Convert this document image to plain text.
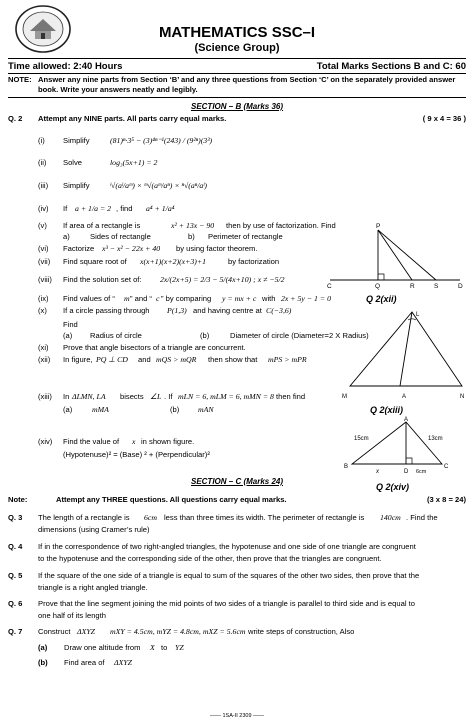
MATHEMATICS SSC–I
(Science Group)
Time allowed: 2:40 Hours	Total Marks Sections B and C: 60
NOTE: Answer any nine parts from Section ‘B’ and any three questions from Section ‘C’ on the separately provided answer book. Write your answers neatly and legibly.
SECTION – B (Marks 36)
Q. 2 Attempt any NINE parts. All parts carry equal marks.	( 9 x 4 = 36 )
(i) Simplify	(81)ⁿ·3⁵ − (3)⁴ⁿ⁻¹(243) / (9²ⁿ)(3³)
(ii) Solve	log₃(5x+1) = 2
(iii) Simplify	ˡ√(aˡ/aᵐ) × ᵐ√(aᵐ/aⁿ) × ⁿ√(aⁿ/aˡ)
(iv) If a + 1/a = 2 , find a⁴ + 1/a⁴
(v) If area of a rectangle is	x² + 13x − 90 then by use of factorization. Find
a)	Sides of rectangle	b) Perimeter of rectangle
(vi) Factorize x³ − x² − 22x + 40 by using factor theorem.
(vii) Find square root of x(x+1)(x+2)(x+3)+1	by factorization
(viii) Find the solution set of: 2x/(2x+5) = 2/3 − 5/(4x+10) ; x ≠ −5/2
(ix) Find values of “ m ” and “ c ” by comparing y = mx + c with 2x + 5y − 1 = 0
(x) If a circle passing through P(1,3) and having centre at C(−3,6)
Find
(a) Radius of circle	(b)	Diameter of circle (Diameter=2 X Radius)
(xi) Prove that angle bisectors of a triangle are concurrent.
(xii) In figure, PQ ⊥ CD and mQS > mQR then show that mPS > mPR
(xiii) In ΔLMN, LA bisects ∠L . If mLN = 6, mLM = 6, mMN = 8 then find
(a)	mMA	(b) mAN
(xiv) Find the value of x in shown figure.
(Hypotenuse)² = (Base) ² + (Perpendicular)²
P
C	Q	R	S	D
Q 2(xii)
L
M	N
A
Q 2(xiii)
A
B	C
D
15cm	13cm
x	6cm
Q 2(xiv)
SECTION – C (Marks 24)
Note:	Attempt any THREE questions. All questions carry equal marks.	(3 x 8 = 24)
Q. 3 The length of a rectangle is 6cm less than three times its width. The perimeter of rectangle is 140cm . Find the
dimensions (using Cramer’s rule)
Q. 4 If in the correspondence of two right-angled triangles, the hypotenuse and one side of one triangle are congruent
to the hypotenuse and the corresponding side of the other, then prove that the triangles are congruent.
Q. 5 If the square of the one side of a triangle is equal to sum of the squares of the other two sides, then prove that the
triangle is a right angled triangle.
Q. 6 Prove that the line segment joining the mid points of two sides of a triangle is parallel to third side and is equal to
one half of its length
Q. 7 Construct ΔXYZ mXY = 4.5cm, mYZ = 4.8cm, mXZ = 5.6cm write steps of construction, Also
(a) Draw one altitude from X to YZ
(b) Find area of ΔXYZ
—— 1SA-II 2309 ——
